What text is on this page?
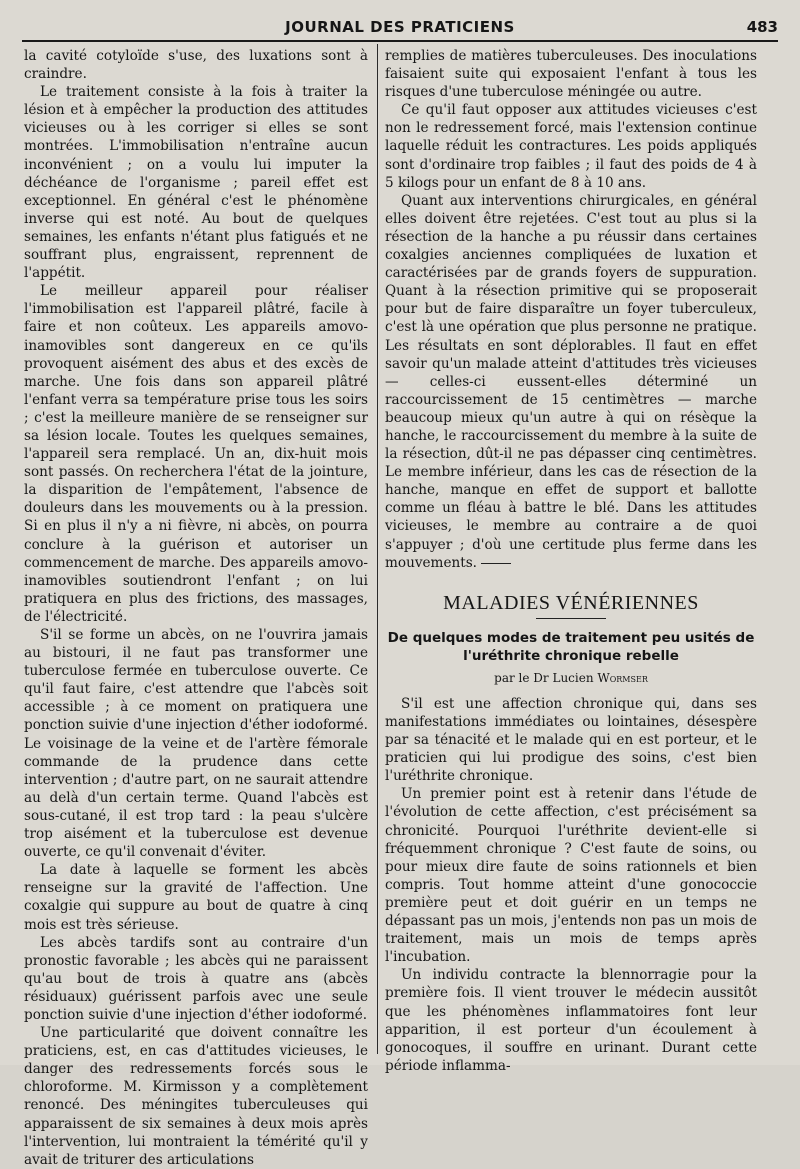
JOURNAL DES PRATICIENS	483

la cavité cotyloïde s'use, des luxations sont à craindre.

Le traitement consiste à la fois à traiter la lésion et à empêcher la production des attitudes vicieuses ou à les corriger si elles se sont montrées. L'immobilisation n'entraîne aucun inconvénient ; on a voulu lui imputer la déchéance de l'organisme ; pareil effet est exceptionnel. En général c'est le phénomène inverse qui est noté. Au bout de quelques semaines, les enfants n'étant plus fatigués et ne souffrant plus, engraissent, reprennent de l'appétit.

Le meilleur appareil pour réaliser l'immobilisation est l'appareil plâtré, facile à faire et non coûteux. Les appareils amovo-inamovibles sont dangereux en ce qu'ils provoquent aisément des abus et des excès de marche. Une fois dans son appareil plâtré l'enfant verra sa température prise tous les soirs ; c'est la meilleure manière de se renseigner sur sa lésion locale. Toutes les quelques semaines, l'appareil sera remplacé. Un an, dix-huit mois sont passés. On recherchera l'état de la jointure, la disparition de l'empâtement, l'absence de douleurs dans les mouvements ou à la pression. Si en plus il n'y a ni fièvre, ni abcès, on pourra conclure à la guérison et autoriser un commencement de marche. Des appareils amovo-inamovibles soutiendront l'enfant ; on lui pratiquera en plus des frictions, des massages, de l'électricité.

S'il se forme un abcès, on ne l'ouvrira jamais au bistouri, il ne faut pas transformer une tuberculose fermée en tuberculose ouverte. Ce qu'il faut faire, c'est attendre que l'abcès soit accessible ; à ce moment on pratiquera une ponction suivie d'une injection d'éther iodoformé. Le voisinage de la veine et de l'artère fémorale commande de la prudence dans cette intervention ; d'autre part, on ne saurait attendre au delà d'un certain terme. Quand l'abcès est sous-cutané, il est trop tard : la peau s'ulcère trop aisément et la tuberculose est devenue ouverte, ce qu'il convenait d'éviter.

La date à laquelle se forment les abcès renseigne sur la gravité de l'affection. Une coxalgie qui suppure au bout de quatre à cinq mois est très sérieuse.

Les abcès tardifs sont au contraire d'un pronostic favorable ; les abcès qui ne paraissent qu'au bout de trois à quatre ans (abcès résiduaux) guérissent parfois avec une seule ponction suivie d'une injection d'éther iodoformé.

Une particularité que doivent connaître les praticiens, est, en cas d'attitudes vicieuses, le danger des redressements forcés sous le chloroforme. M. Kirmisson y a complètement renoncé. Des méningites tuberculeuses qui apparaissent de six semaines à deux mois après l'intervention, lui montraient la témérité qu'il y avait de triturer des articulations

remplies de matières tuberculeuses. Des inoculations faisaient suite qui exposaient l'enfant à tous les risques d'une tuberculose méningée ou autre.

Ce qu'il faut opposer aux attitudes vicieuses c'est non le redressement forcé, mais l'extension continue laquelle réduit les contractures. Les poids appliqués sont d'ordinaire trop faibles ; il faut des poids de 4 à 5 kilogs pour un enfant de 8 à 10 ans.

Quant aux interventions chirurgicales, en général elles doivent être rejetées. C'est tout au plus si la résection de la hanche a pu réussir dans certaines coxalgies anciennes compliquées de luxation et caractérisées par de grands foyers de suppuration. Quant à la résection primitive qui se proposerait pour but de faire disparaître un foyer tuberculeux, c'est là une opération que plus personne ne pratique. Les résultats en sont déplorables. Il faut en effet savoir qu'un malade atteint d'attitudes très vicieuses — celles-ci eussent-elles déterminé un raccourcissement de 15 centimètres — marche beaucoup mieux qu'un autre à qui on résèque la hanche, le raccourcissement du membre à la suite de la résection, dût-il ne pas dépasser cinq centimètres. Le membre inférieur, dans les cas de résection de la hanche, manque en effet de support et ballotte comme un fléau à battre le blé. Dans les attitudes vicieuses, le membre au contraire a de quoi s'appuyer ; d'où une certitude plus ferme dans les mouvements.

MALADIES VÉNÉRIENNES
De quelques modes de traitement peu usités de l'uréthrite chronique rebelle
par le Dr Lucien Wormser

S'il est une affection chronique qui, dans ses manifestations immédiates ou lointaines, désespère par sa ténacité et le malade qui en est porteur, et le praticien qui lui prodigue des soins, c'est bien l'uréthrite chronique.

Un premier point est à retenir dans l'étude de l'évolution de cette affection, c'est précisément sa chronicité. Pourquoi l'uréthrite devient-elle si fréquemment chronique ? C'est faute de soins, ou pour mieux dire faute de soins rationnels et bien compris. Tout homme atteint d'une gonococcie première peut et doit guérir en un temps ne dépassant pas un mois, j'entends non pas un mois de traitement, mais un mois de temps après l'incubation.

Un individu contracte la blennorragie pour la première fois. Il vient trouver le médecin aussitôt que les phénomènes inflammatoires font leur apparition, il est porteur d'un écoulement à gonocoques, il souffre en urinant. Durant cette période inflamma-
